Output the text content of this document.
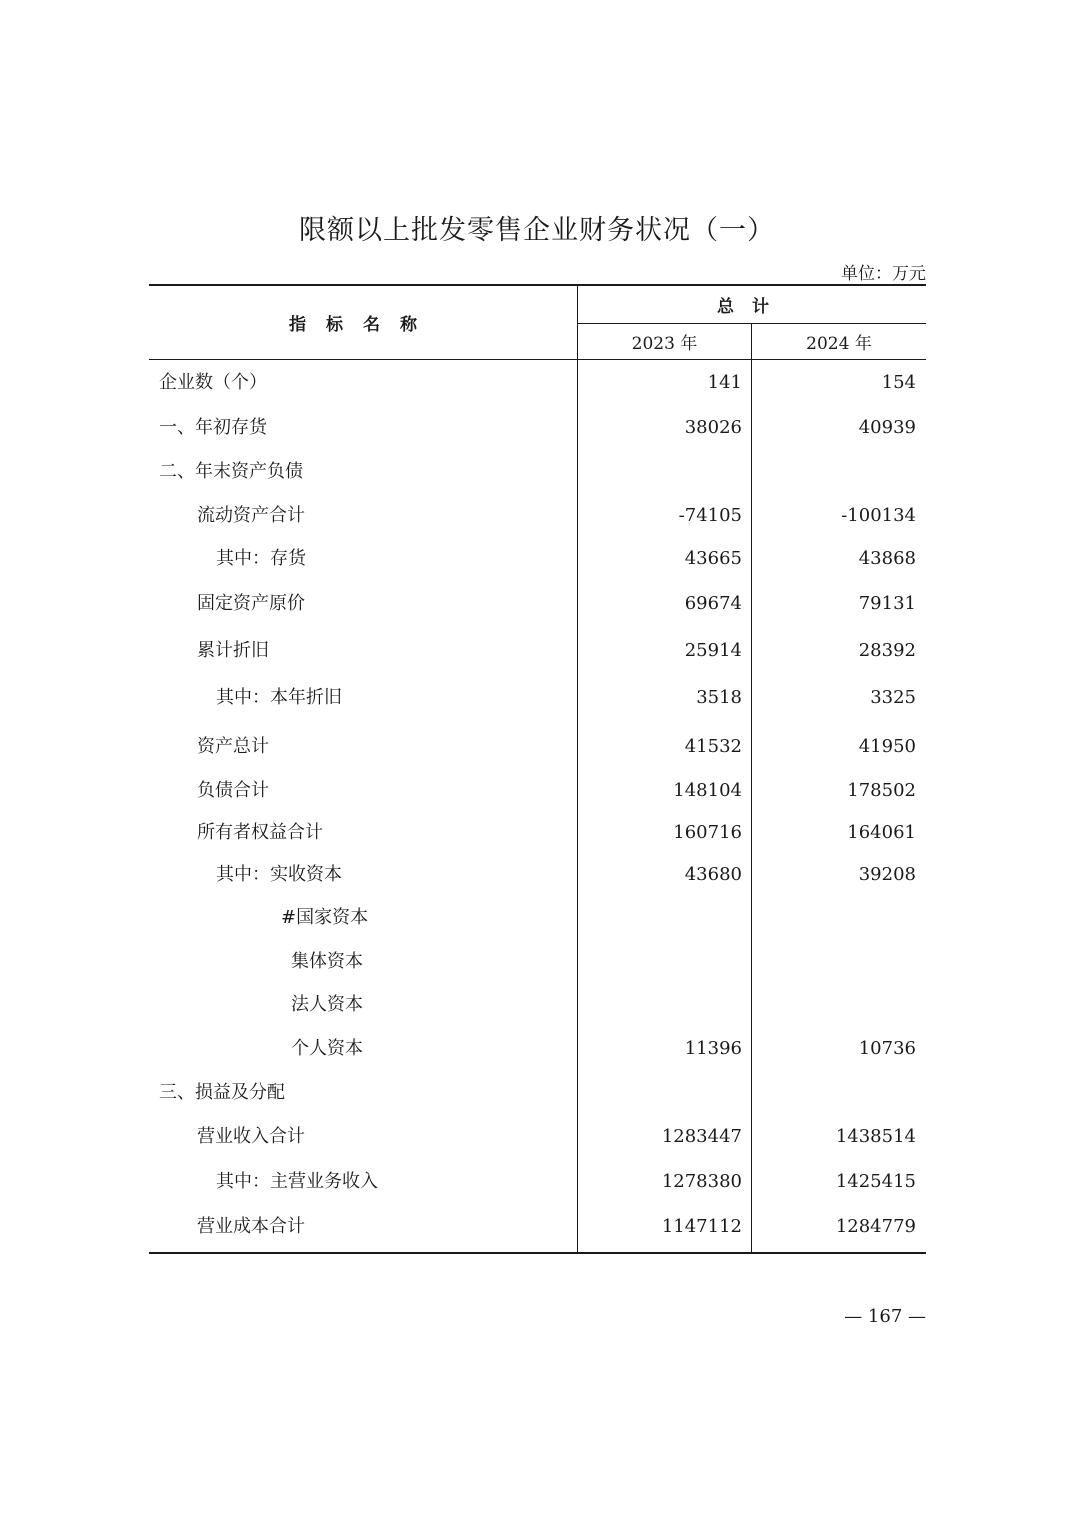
限额以上批发零售企业财务状况（一）
单位：万元
指标名称
总计
2023 年	2024 年
企业数（个）	141	154
一、年初存货	38026	40939
二、年末资产负债
流动资产合计	-74105	-100134
其中：存货	43665	43868
固定资产原价	69674	79131
累计折旧	25914	28392
其中：本年折旧	3518	3325
资产总计	41532	41950
负债合计	148104	178502
所有者权益合计	160716	164061
其中：实收资本	43680	39208
#国家资本
集体资本
法人资本
个人资本	11396	10736
三、损益及分配
营业收入合计	1283447	1438514
其中：主营业务收入	1278380	1425415
营业成本合计	1147112	1284779
— 167 —
